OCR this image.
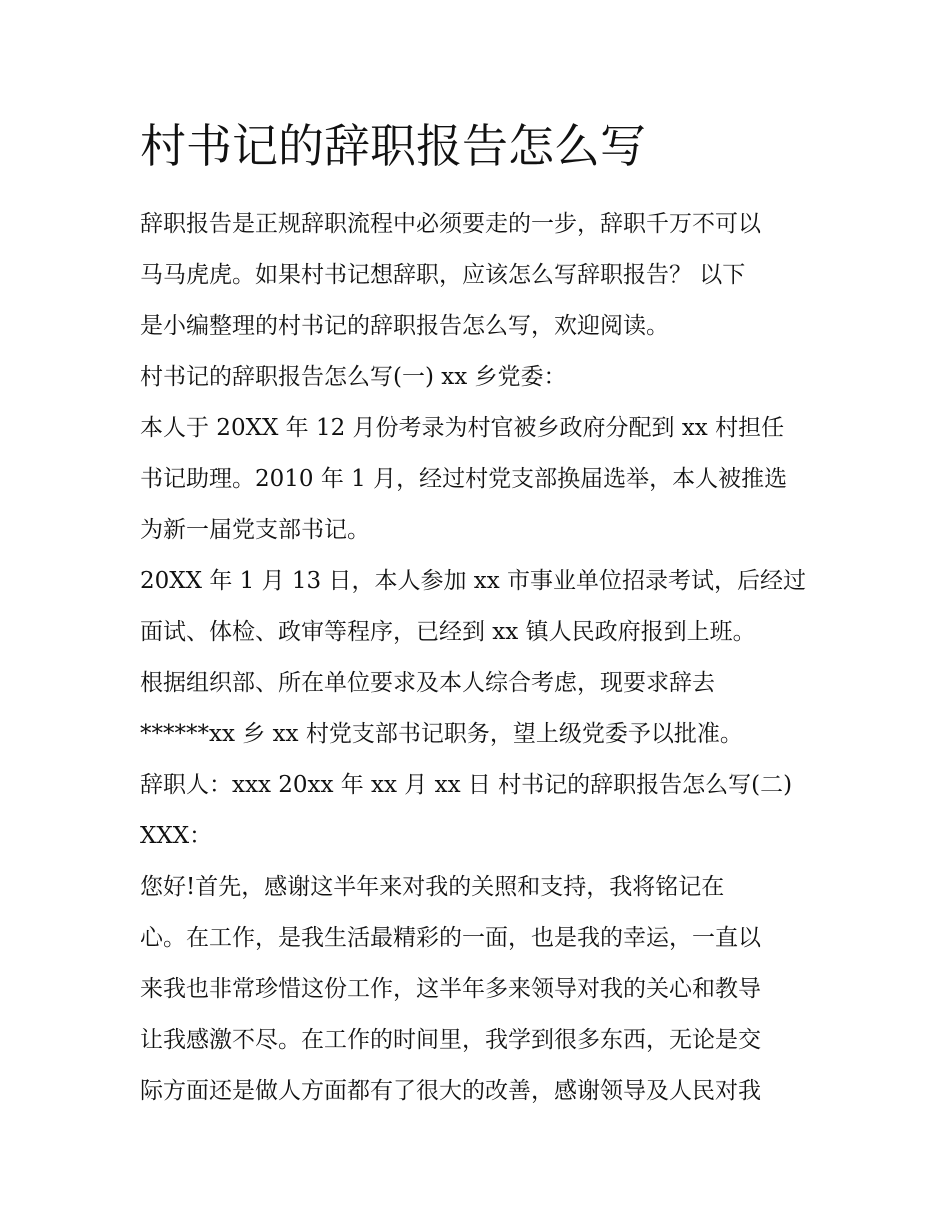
村书记的辞职报告怎么写
辞职报告是正规辞职流程中必须要走的一步，辞职千万不可以
马马虎虎。如果村书记想辞职，应该怎么写辞职报告？ 以下
是小编整理的村书记的辞职报告怎么写，欢迎阅读。
村书记的辞职报告怎么写(一) xx 乡党委：
本人于 20XX 年 12 月份考录为村官被乡政府分配到 xx 村担任
书记助理。2010 年 1 月，经过村党支部换届选举，本人被推选
为新一届党支部书记。
20XX 年 1 月 13 日，本人参加 xx 市事业单位招录考试，后经过
面试、体检、政审等程序，已经到 xx 镇人民政府报到上班。
根据组织部、所在单位要求及本人综合考虑，现要求辞去
******xx 乡 xx 村党支部书记职务，望上级党委予以批准。
辞职人：xxx 20xx 年 xx 月 xx 日 村书记的辞职报告怎么写(二)
XXX：
您好!首先，感谢这半年来对我的关照和支持，我将铭记在
心。在工作，是我生活最精彩的一面，也是我的幸运，一直以
来我也非常珍惜这份工作，这半年多来领导对我的关心和教导
让我感激不尽。在工作的时间里，我学到很多东西，无论是交
际方面还是做人方面都有了很大的改善，感谢领导及人民对我
